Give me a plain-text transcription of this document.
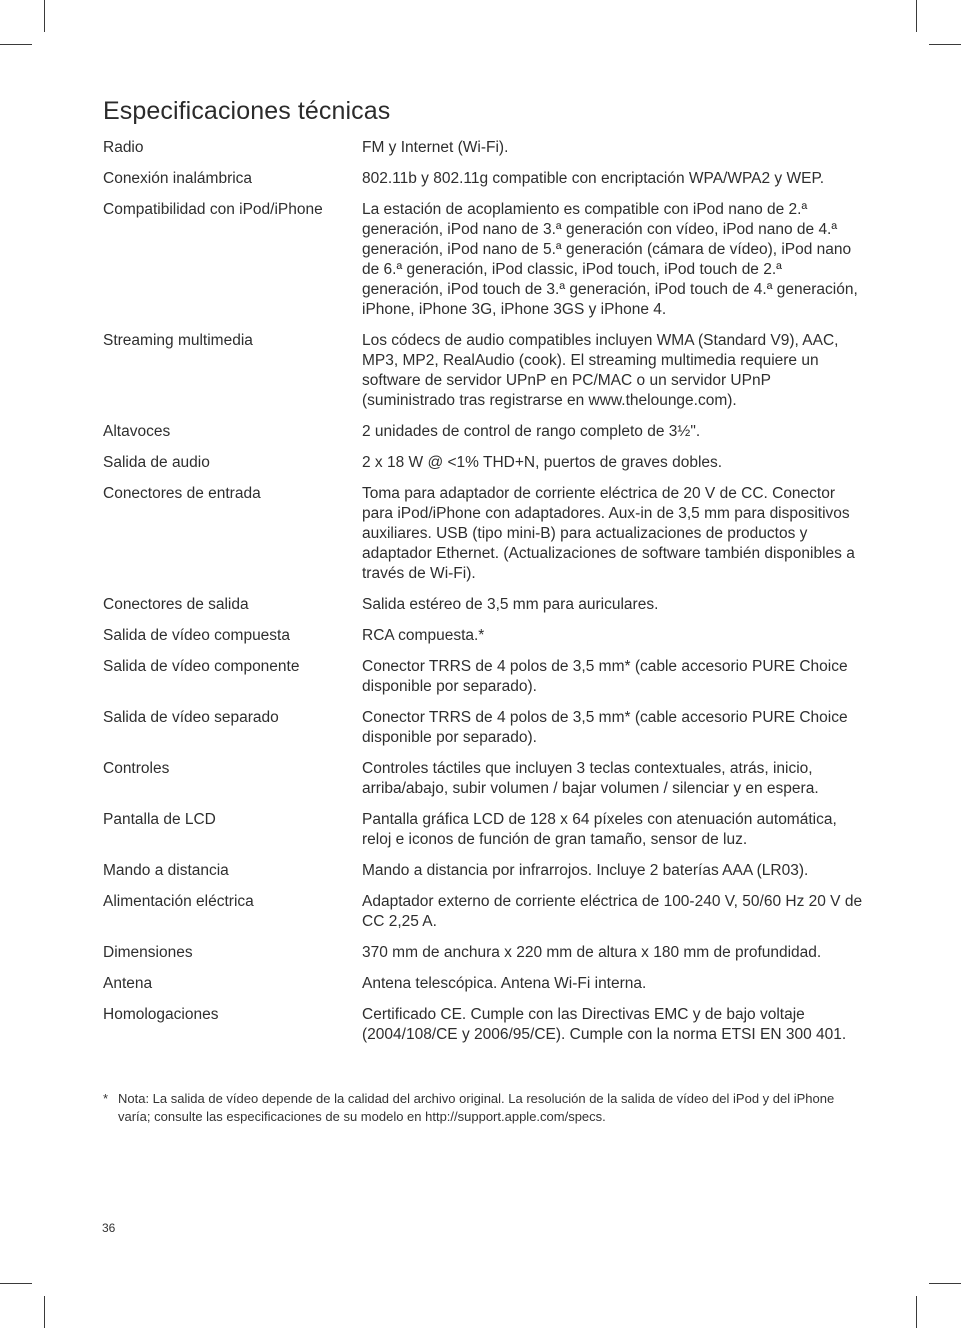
Especificaciones técnicas
Radio	FM y Internet (Wi-Fi).
Conexión inalámbrica	802.11b y 802.11g compatible con encriptación WPA/WPA2 y WEP.
Compatibilidad con iPod/iPhone	La estación de acoplamiento es compatible con iPod nano de 2.ª generación, iPod nano de 3.ª generación con vídeo, iPod nano de 4.ª generación, iPod nano de 5.ª generación (cámara de vídeo), iPod nano de 6.ª generación, iPod classic, iPod touch, iPod touch de 2.ª generación, iPod touch de 3.ª generación, iPod touch de 4.ª generación, iPhone, iPhone 3G, iPhone 3GS y iPhone 4.
Streaming multimedia	Los códecs de audio compatibles incluyen WMA (Standard V9), AAC, MP3, MP2, RealAudio (cook). El streaming multimedia requiere un software de servidor UPnP en PC/MAC o un servidor UPnP (suministrado tras registrarse en www.thelounge.com).
Altavoces	2 unidades de control de rango completo de 3½".
Salida de audio	2 x 18 W @ <1% THD+N, puertos de graves dobles.
Conectores de entrada	Toma para adaptador de corriente eléctrica de 20 V de CC. Conector para iPod/iPhone con adaptadores. Aux-in de 3,5 mm para dispositivos auxiliares. USB (tipo mini-B) para actualizaciones de productos y adaptador Ethernet. (Actualizaciones de software también disponibles a través de Wi-Fi).
Conectores de salida	Salida estéreo de 3,5 mm para auriculares.
Salida de vídeo compuesta	RCA compuesta.*
Salida de vídeo componente	Conector TRRS de 4 polos de 3,5 mm* (cable accesorio PURE Choice disponible por separado).
Salida de vídeo separado	Conector TRRS de 4 polos de 3,5 mm* (cable accesorio PURE Choice disponible por separado).
Controles	Controles táctiles que incluyen 3 teclas contextuales, atrás, inicio, arriba/abajo, subir volumen / bajar volumen / silenciar y en espera.
Pantalla de LCD	Pantalla gráfica LCD de 128 x 64 píxeles con atenuación automática, reloj e iconos de función de gran tamaño, sensor de luz.
Mando a distancia	Mando a distancia por infrarrojos. Incluye 2 baterías AAA (LR03).
Alimentación eléctrica	Adaptador externo de corriente eléctrica de 100-240 V, 50/60 Hz 20 V de CC 2,25 A.
Dimensiones	370 mm de anchura x 220 mm de altura x 180 mm de profundidad.
Antena	Antena telescópica. Antena Wi-Fi interna.
Homologaciones	Certificado CE. Cumple con las Directivas EMC y de bajo voltaje (2004/108/CE y 2006/95/CE). Cumple con la norma ETSI EN 300 401.
* Nota: La salida de vídeo depende de la calidad del archivo original. La resolución de la salida de vídeo del iPod y del iPhone varía; consulte las especificaciones de su modelo en http://support.apple.com/specs.
36
